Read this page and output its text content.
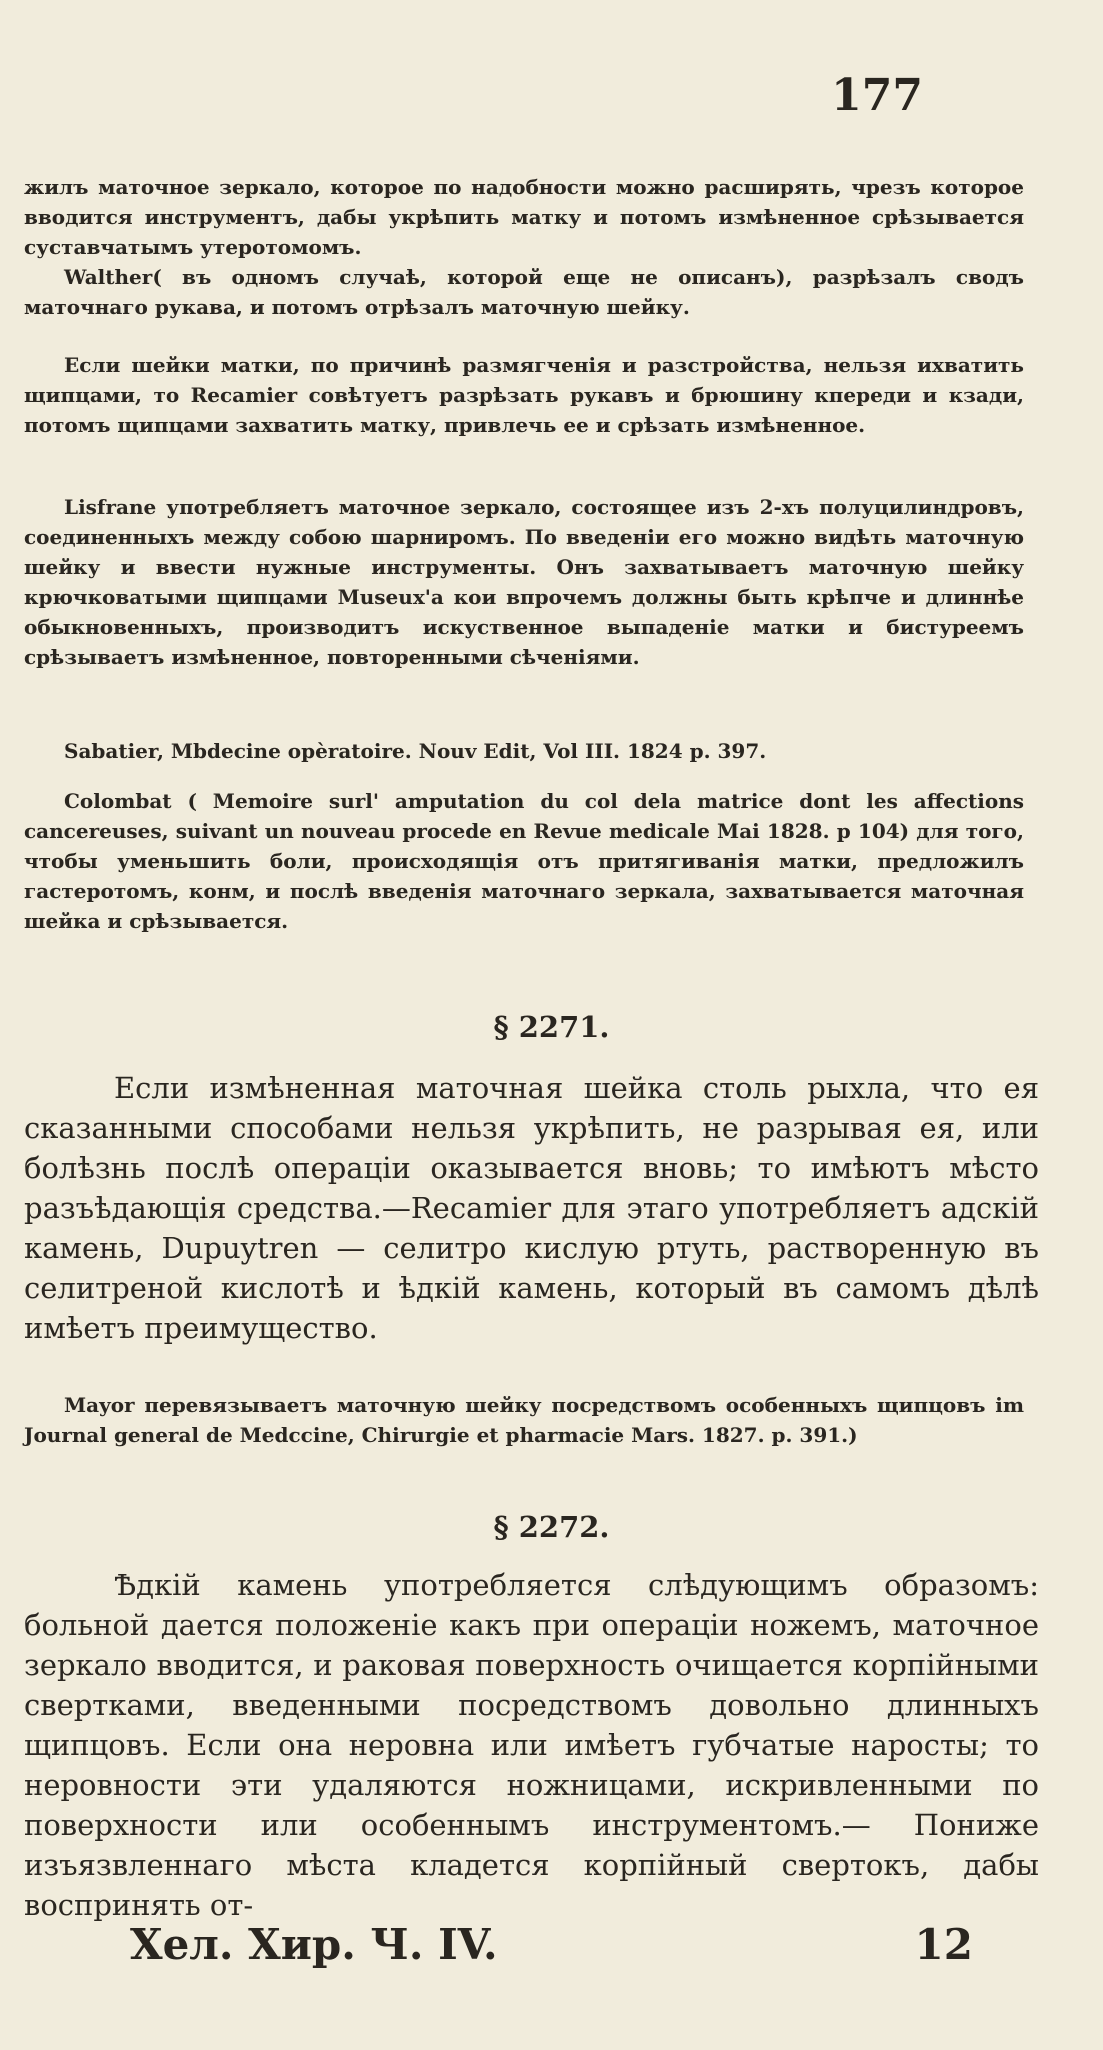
177

жилъ маточное зеркало, которое по надобности можно расширять, чрезъ которое вводится инструментъ, дабы укрѣпить матку и потомъ измѣненное срѣзывается суставчатымъ утеротомомъ.

Walther( въ одномъ случаѣ, которой еще не описанъ), разрѣзалъ сводъ маточнаго рукава, и потомъ отрѣзалъ маточную шейку.

Если шейки матки, по причинѣ размягченія и разстройства, нельзя ихватить щипцами, то Recamier совѣтуетъ разрѣзать рукавъ и брюшину кпереди и кзади, потомъ щипцами захватить матку, привлечь ее и срѣзать измѣненное.

Lisfrane употребляетъ маточное зеркало, состоящее изъ 2-хъ полуцилиндровъ, соединенныхъ между собою шарниромъ. По введеніи его можно видѣть маточную шейку и ввести нужные инструменты. Онъ захватываетъ маточную шейку крючковатыми щипцами Museux'a кои впрочемъ должны быть крѣпче и длиннѣе обыкновенныхъ, производитъ искуственное выпаденіе матки и бистуреемъ срѣзываетъ измѣненное, повторенными сѣченіями.

Sabatier, Mbdecine opèratoire. Nouv Edit, Vol III. 1824 p. 397.

Colombat ( Memoire surl' amputation du col dela matrice dont les affections cancereuses, suivant un nouveau procede en Revue medicale Mai 1828. p 104) для того, чтобы уменьшить боли, происходящія отъ притягиванія матки, предложилъ гастеротомъ, конм, и послѣ введенія маточнаго зеркала, захватывается маточная шейка и срѣзывается.

§ 2271.

Если измѣненная маточная шейка столь рыхла, что ея сказанными способами нельзя укрѣпить, не разрывая ея, или болѣзнь послѣ операціи оказывается вновь; то имѣютъ мѣсто разъѣдающія средства.—Recamier для этаго употребляетъ адскій камень, Dupuytren — селитро кислую ртуть, растворенную въ селитреной кислотѣ и ѣдкій камень, который въ самомъ дѣлѣ имѣетъ преимущество.

Mayor перевязываетъ маточную шейку посредствомъ особенныхъ щипцовъ im Journal general de Medccine, Chirurgie et pharmacie Mars. 1827. p. 391.)

§ 2272.

Ѣдкій камень употребляется слѣдующимъ образомъ: больной дается положеніе какъ при операціи ножемъ, маточное зеркало вводится, и раковая поверхность очищается корпійными свертками, введенными посредствомъ довольно длинныхъ щипцовъ. Если она неровна или имѣетъ губчатые наросты; то неровности эти удаляются ножницами, искривленными по поверхности или особеннымъ инструментомъ.— Пониже изъязвленнаго мѣста кладется корпійный свертокъ, дабы воспринять от-

Хел. Хир. Ч. IV.	12
